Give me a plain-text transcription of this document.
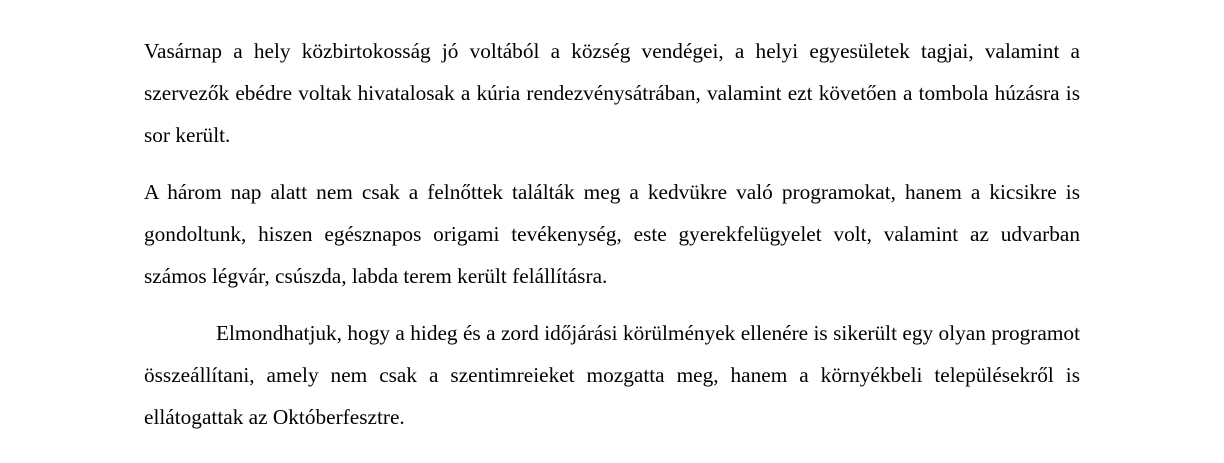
Vasárnap a hely közbirtokosság jó voltából a község vendégei, a helyi egyesületek tagjai, valamint a szervezők ebédre voltak hivatalosak a kúria rendezvénysátrában, valamint ezt követően a tombola húzásra is sor került.

A három nap alatt nem csak a felnőttek találták meg a kedvükre való programokat, hanem a kicsikre is gondoltunk, hiszen egésznapos origami tevékenység, este gyerekfelügyelet volt, valamint az udvarban számos légvár, csúszda, labda terem került felállításra.

Elmondhatjuk, hogy a hideg és a zord időjárási körülmények ellenére is sikerült egy olyan programot összeállítani, amely nem csak a szentimreieket mozgatta meg, hanem a környékbeli településekről is ellátogattak az Októberfesztre.
